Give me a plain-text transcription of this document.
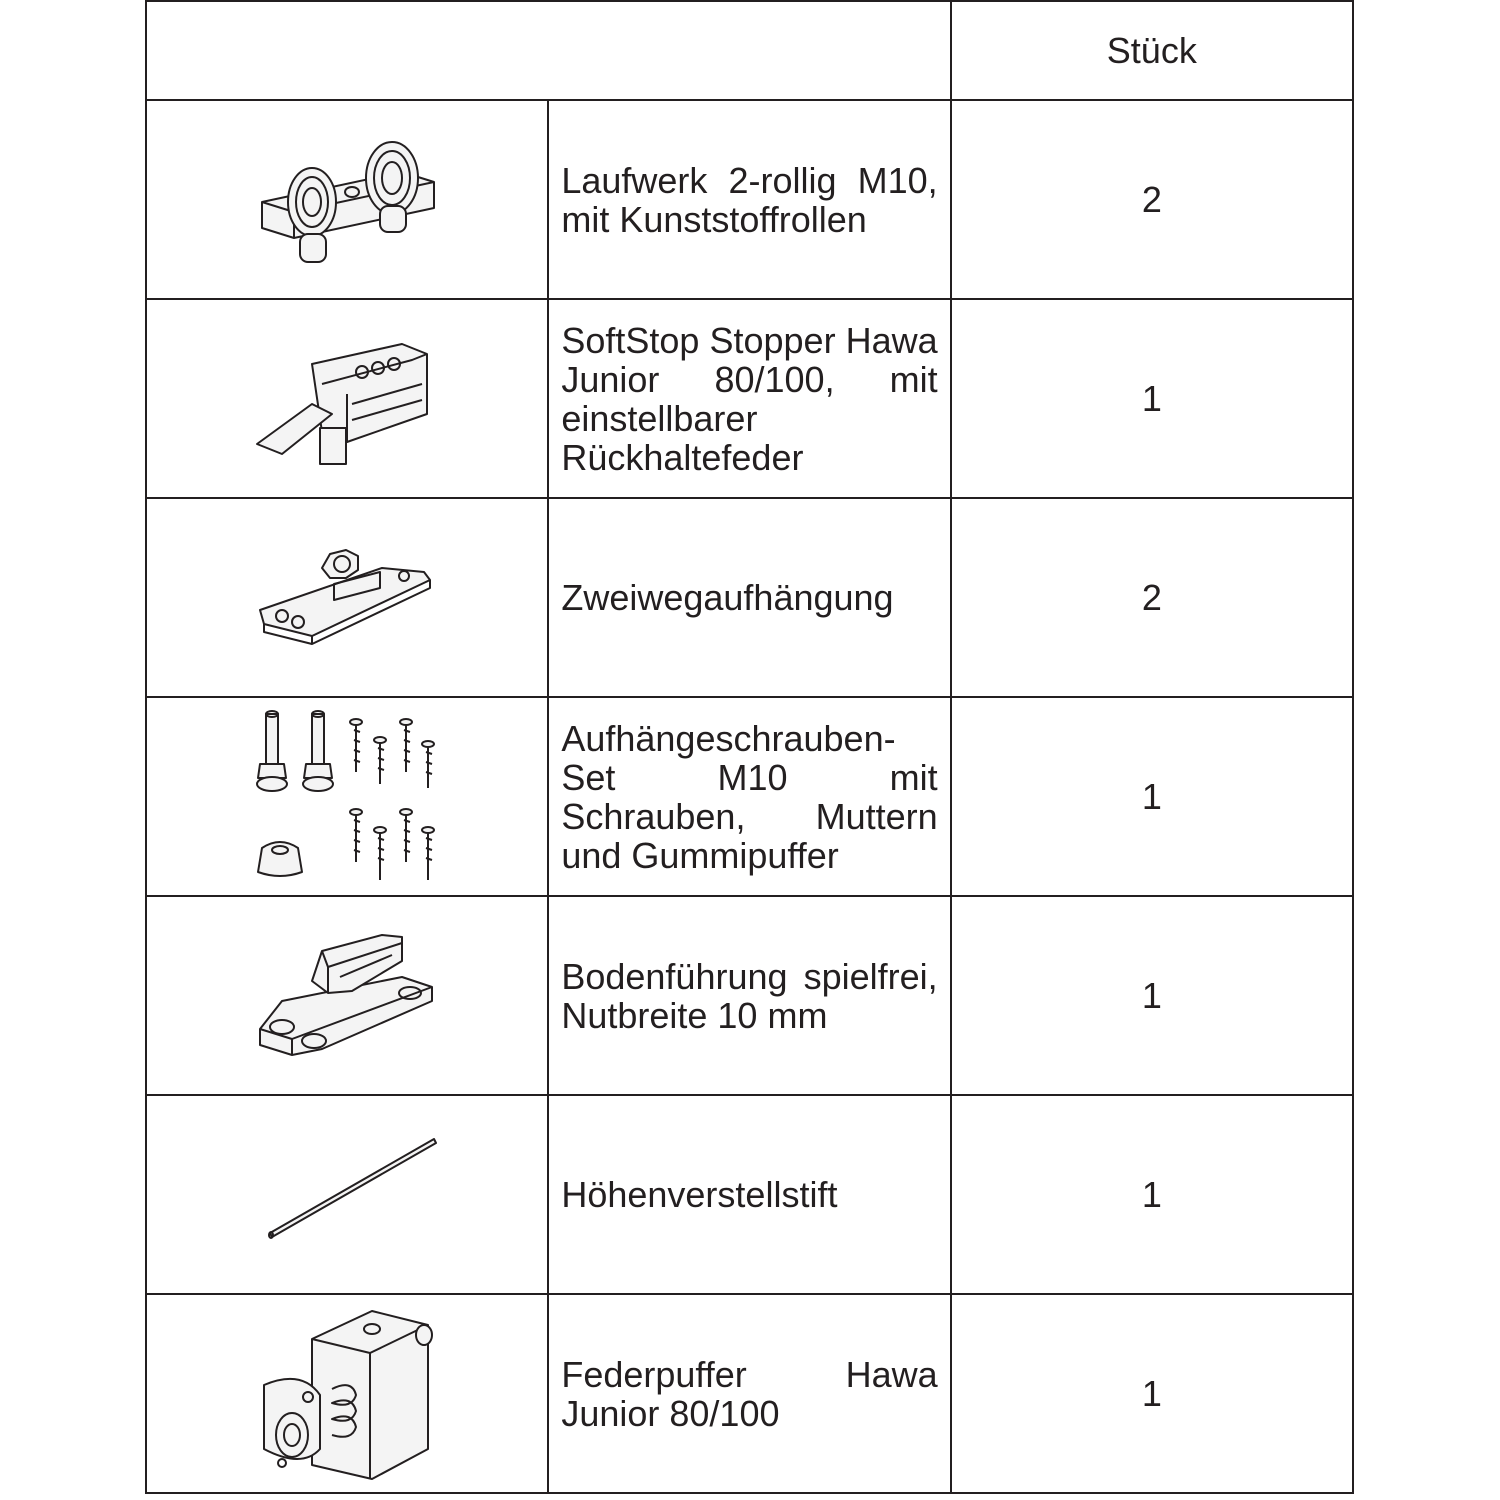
		Stück

	Laufwerk 2-rollig M10, mit Kunststoffrollen	2

	SoftStop Stopper Hawa Junior 80/100, mit einstellbarer Rückhaltefeder	1

	Zweiwegaufhängung	2

	Aufhängeschrauben-Set M10 mit Schrauben, Muttern und Gummipuffer	1

	Bodenführung spielfrei, Nutbreite 10 mm	1

	Höhenverstellstift	1

	Federpuffer Hawa Junior 80/100	1
